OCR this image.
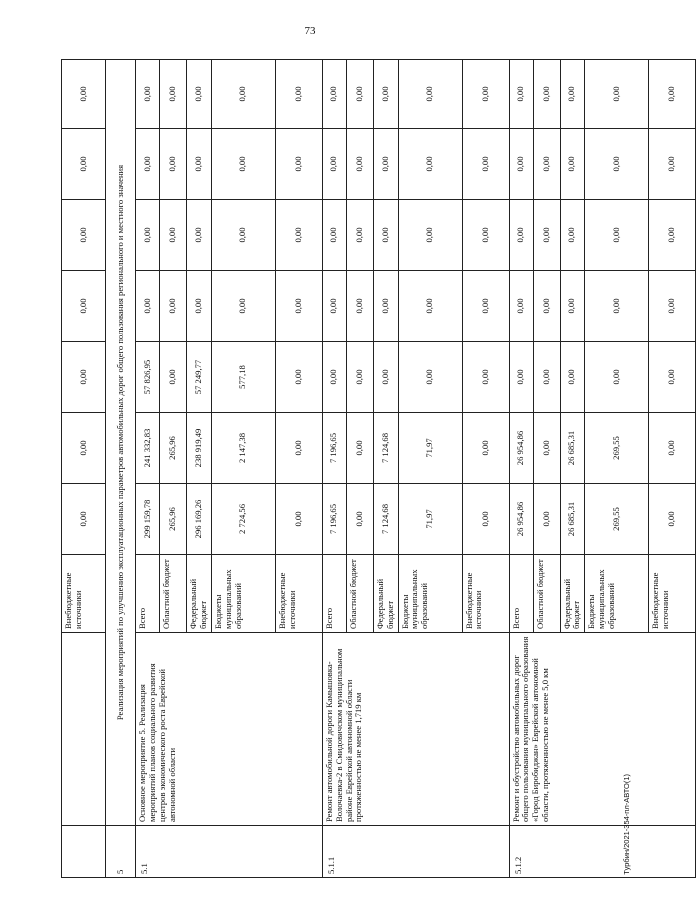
73
		Внебюджетные источники	0,00	0,00	0,00	0,00	0,00	0,00	0,00
5	Реализация мероприятий по улучшению эксплуатационных параметров автомобильных дорог общего пользования регионального и местного значения								
5.1	Основное мероприятие 5. Реализация мероприятий планов социального развития центров экономического роста Еврейской автономной области	Всего	299 159,78	241 332,83	57 826,95	0,00	0,00	0,00	0,00
		Областной бюджет	265,96	265,96	0,00	0,00	0,00	0,00	0,00
		Федеральный бюджет	296 169,26	238 919,49	57 249,77	0,00	0,00	0,00	0,00
		Бюджеты муниципальных образований	2 724,56	2 147,38	577,18	0,00	0,00	0,00	0,00
		Внебюджетные источники	0,00	0,00	0,00	0,00	0,00	0,00	0,00
5.1.1	Ремонт автомобильной дороги Камышовка-Волочаевка-2 в Смидовичском муниципальном районе Еврейской автономной области протяженностью не менее 1,719 км	Всего	7 196,65	7 196,65	0,00	0,00	0,00	0,00	0,00
		Областной бюджет	0,00	0,00	0,00	0,00	0,00	0,00	0,00
		Федеральный бюджет	7 124,68	7 124,68	0,00	0,00	0,00	0,00	0,00
		Бюджеты муниципальных образований	71,97	71,97	0,00	0,00	0,00	0,00	0,00
		Внебюджетные источники	0,00	0,00	0,00	0,00	0,00	0,00	0,00
5.1.2	Ремонт и обустройство автомобильных дорог общего пользования муниципального образования «Город Биробиджан» Еврейской автономной области, протяженностью не менее 5,0 км	Всего	26 954,86	26 954,86	0,00	0,00	0,00	0,00	0,00
		Областной бюджет	0,00	0,00	0,00	0,00	0,00	0,00	0,00
		Федеральный бюджет	26 685,31	26 685,31	0,00	0,00	0,00	0,00	0,00
		Бюджеты муниципальных образований	269,55	269,55	0,00	0,00	0,00	0,00	0,00
		Внебюджетные источники	0,00	0,00	0,00	0,00	0,00	0,00	0,00
Турбин/2021-354-пл-АВТО(1)
